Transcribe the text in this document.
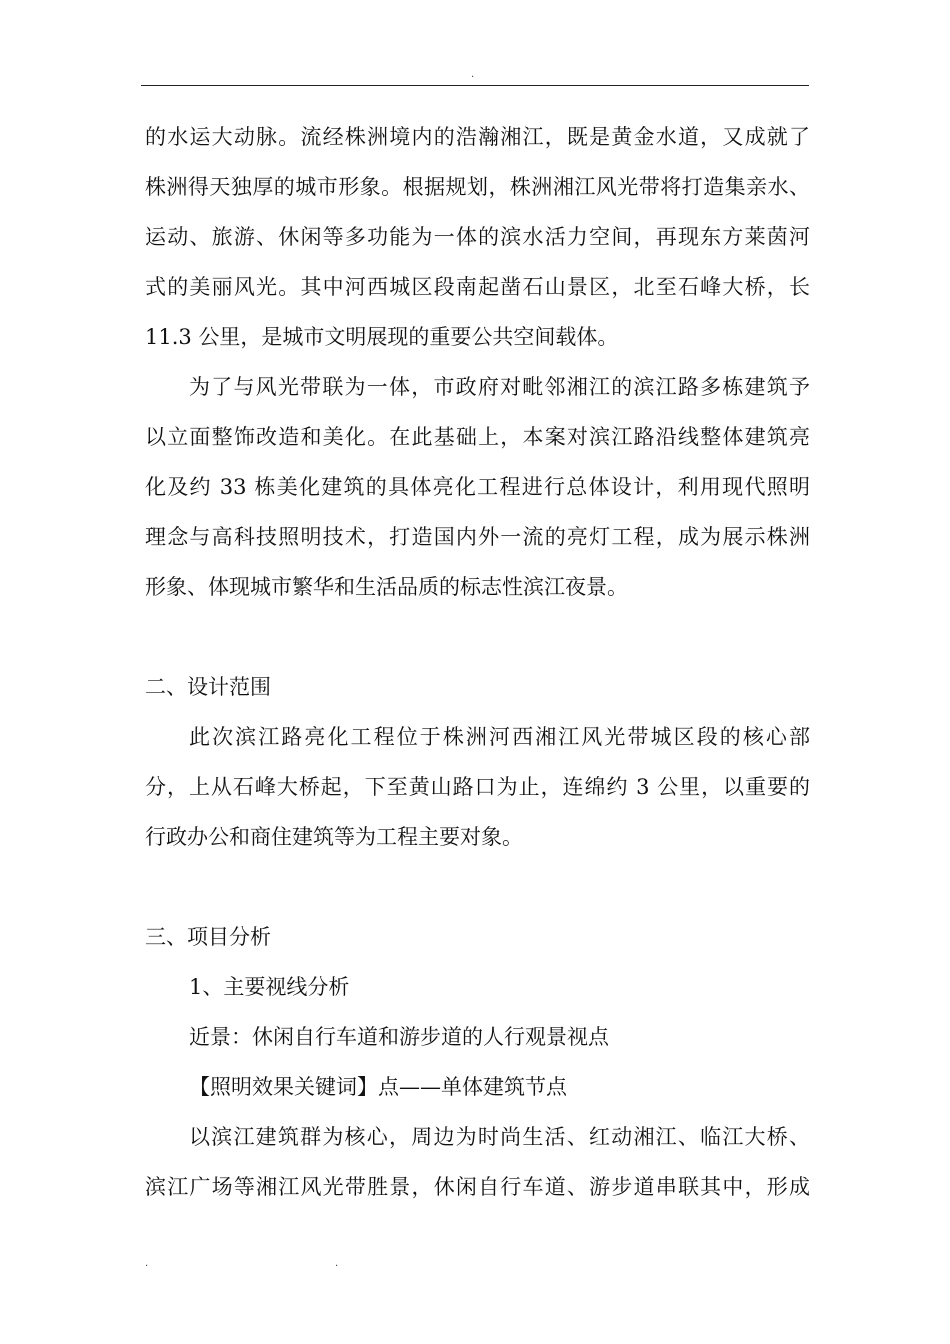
.
的水运大动脉。流经株洲境内的浩瀚湘江，既是黄金水道，又成就了
株洲得天独厚的城市形象。根据规划，株洲湘江风光带将打造集亲水、
运动、旅游、休闲等多功能为一体的滨水活力空间，再现东方莱茵河
式的美丽风光。其中河西城区段南起凿石山景区，北至石峰大桥，长
11.3 公里，是城市文明展现的重要公共空间载体。
为了与风光带联为一体，市政府对毗邻湘江的滨江路多栋建筑予
以立面整饰改造和美化。在此基础上，本案对滨江路沿线整体建筑亮
化及约 33 栋美化建筑的具体亮化工程进行总体设计，利用现代照明
理念与高科技照明技术，打造国内外一流的亮灯工程，成为展示株洲
形象、体现城市繁华和生活品质的标志性滨江夜景。
二、设计范围
此次滨江路亮化工程位于株洲河西湘江风光带城区段的核心部
分，上从石峰大桥起，下至黄山路口为止，连绵约 3 公里，以重要的
行政办公和商住建筑等为工程主要对象。
三、项目分析
1、主要视线分析
近景：休闲自行车道和游步道的人行观景视点
【照明效果关键词】点——单体建筑节点
以滨江建筑群为核心，周边为时尚生活、红动湘江、临江大桥、
滨江广场等湘江风光带胜景，休闲自行车道、游步道串联其中，形成
.	.
